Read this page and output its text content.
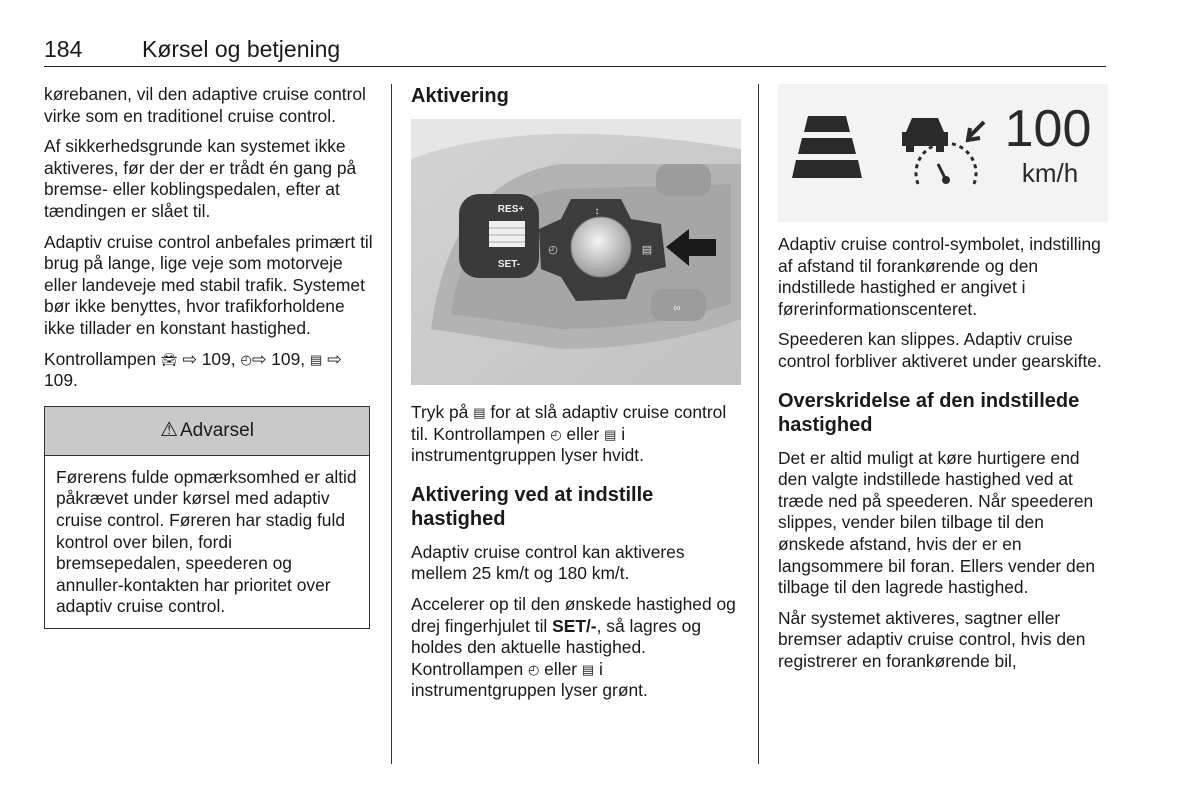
184	Kørsel og betjening

kørebanen, vil den adaptive cruise control virke som en traditionel cruise control.

Af sikkerhedsgrunde kan systemet ikke aktiveres, før der der er trådt én gang på bremse- eller koblingspedalen, efter at tændingen er slået til.

Adaptiv cruise control anbefales primært til brug på lange, lige veje som motorveje eller landeveje med stabil trafik. Systemet bør ikke benyttes, hvor trafikforholdene ikke tillader en konstant hastighed.

Kontrollampen 🚘︎ ⇨ 109, ◴⇨ 109, ▤ ⇨ 109.

⚠︎ Advarsel
Førerens fulde opmærksomhed er altid påkrævet under kørsel med adaptiv cruise control. Føreren har stadig fuld kontrol over bilen, fordi bremsepedalen, speederen og annuller-kontakten har prioritet over adaptiv cruise control.
Aktivering
RES+
SET-
↕
◴	▤
∞

Tryk på ▤ for at slå adaptiv cruise control til. Kontrollampen ◴ eller ▤ i instrumentgruppen lyser hvidt.

Aktivering ved at indstille hastighed

Adaptiv cruise control kan aktiveres mellem 25 km/t og 180 km/t.

Accelerer op til den ønskede hastighed og drej fingerhjulet til SET/-, så lagres og holdes den aktuelle hastighed. Kontrollampen ◴ eller ▤ i instrumentgruppen lyser grønt.

100
km/h

Adaptiv cruise control-symbolet, indstilling af afstand til forankørende og den indstillede hastighed er angivet i førerinformationscenteret.

Speederen kan slippes. Adaptiv cruise control forbliver aktiveret under gearskifte.

Overskridelse af den indstillede hastighed

Det er altid muligt at køre hurtigere end den valgte indstillede hastighed ved at træde ned på speederen. Når speederen slippes, vender bilen tilbage til den ønskede afstand, hvis der er en langsommere bil foran. Ellers vender den tilbage til den lagrede hastighed.

Når systemet aktiveres, sagtner eller bremser adaptiv cruise control, hvis den registrerer en forankørende bil,
